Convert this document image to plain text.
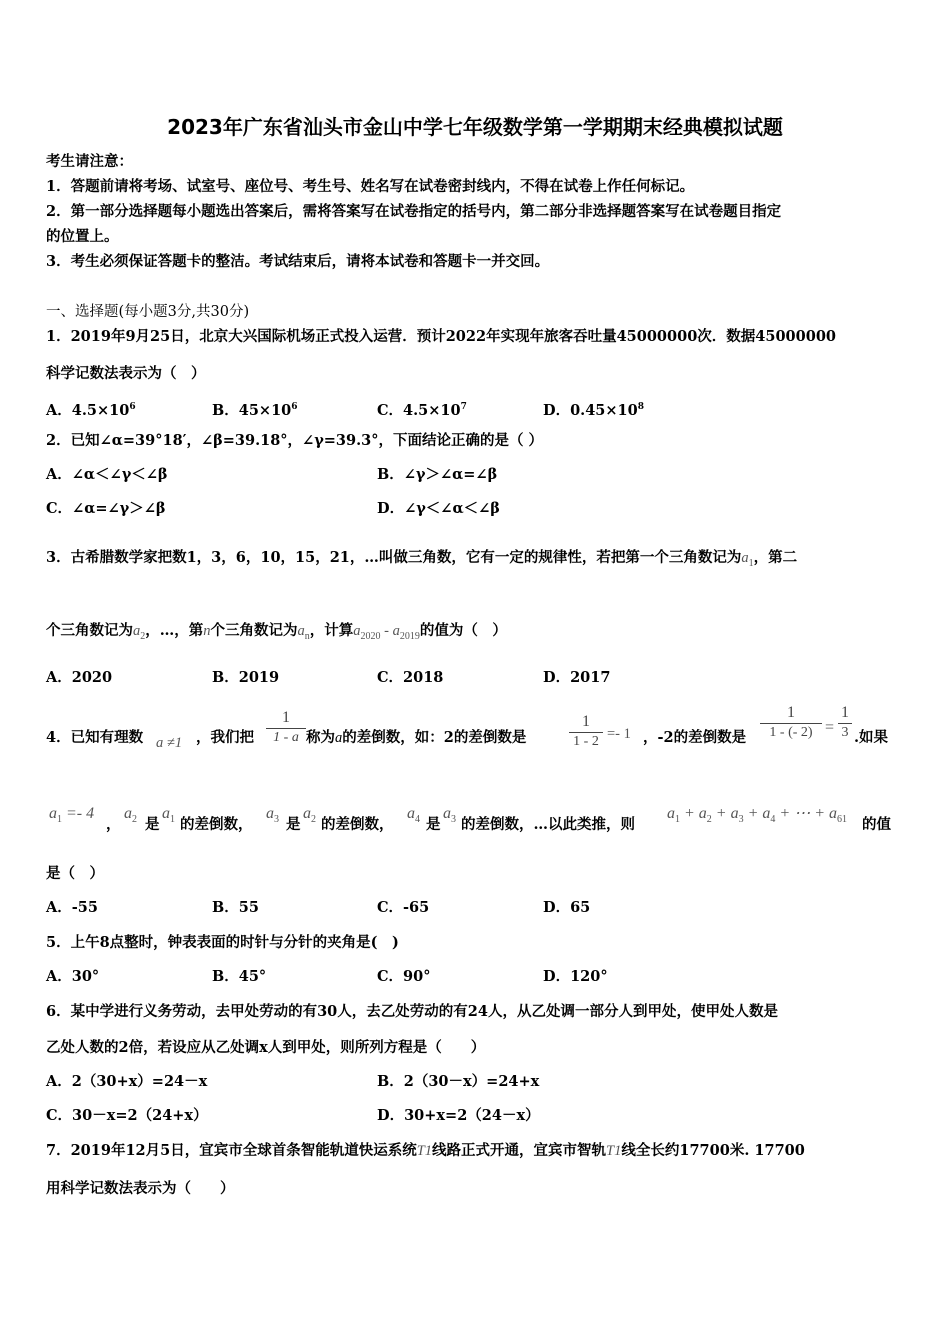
2023年广东省汕头市金山中学七年级数学第一学期期末经典模拟试题
考生请注意：
1．答题前请将考场、试室号、座位号、考生号、姓名写在试卷密封线内，不得在试卷上作任何标记。
2．第一部分选择题每小题选出答案后，需将答案写在试卷指定的括号内，第二部分非选择题答案写在试卷题目指定
的位置上。
3．考生必须保证答题卡的整洁。考试结束后，请将本试卷和答题卡一并交回。
一、选择题(每小题3分,共30分)
1．2019年9月25日，北京大兴国际机场正式投入运营．预计2022年实现年旅客吞吐量45000000次．数据45000000
科学记数法表示为（　）
A．$4.5\times 10^6$	B．$45\times 10^6$	C．$4.5\times 10^7$	D．$0.45\times 10^8$
2．已知∠α=39°18′，∠β=39.18°，∠γ=39.3°，下面结论正确的是（ ）
A．∠α＜∠γ＜∠β	B．∠γ＞∠α=∠β
C．∠α=∠γ＞∠β	D．∠γ＜∠α＜∠β
3．古希腊数学家把数1，3，6，10，15，21，…叫做三角数，它有一定的规律性，若把第一个三角数记为$a_1$，第二
个三角数记为$a_2$，…，第n个三角数记为$a_n$，计算$a_{2020} - a_{2019}$的值为（　）
A．2020	B．2019	C．2018	D．2017
4．已知有理数 a ≠1 ，我们把
1
1 - a 称为a的差倒数，如：2的差倒数是
1
1 - 2 =- 1 ，-2的差倒数是
1
1 - (- 2) =
1
3 .如果
$a_1 =- 4$
，
$a_2$ 是
$a_1$ 的差倒数，
$a_3$ 是
$a_2$ 的差倒数，
$a_4$ 是
$a_3$ 的差倒数，…以此类推，则
$a_1 + a_2 + a_3 + a_4$ + ⋯ + $a_{61}$ 的值
是（　）
A．-55	B．55	C．-65	D．65
5．上午8点整时，钟表表面的时针与分针的夹角是(　)
A．30°	B．45°	C．90°	D．120°
6．某中学进行义务劳动，去甲处劳动的有30人，去乙处劳动的有24人，从乙处调一部分人到甲处，使甲处人数是
乙处人数的2倍，若设应从乙处调x人到甲处，则所列方程是（　　）
A．2（30+x）=24－x	B．2（30－x）=24+x
C．30－x=2（24+x）	D．30+x=2（24－x）
7．2019年12月5日，宜宾市全球首条智能轨道快运系统T1线路正式开通，宜宾市智轨T1线全长约17700米. 17700
用科学记数法表示为（　　）
